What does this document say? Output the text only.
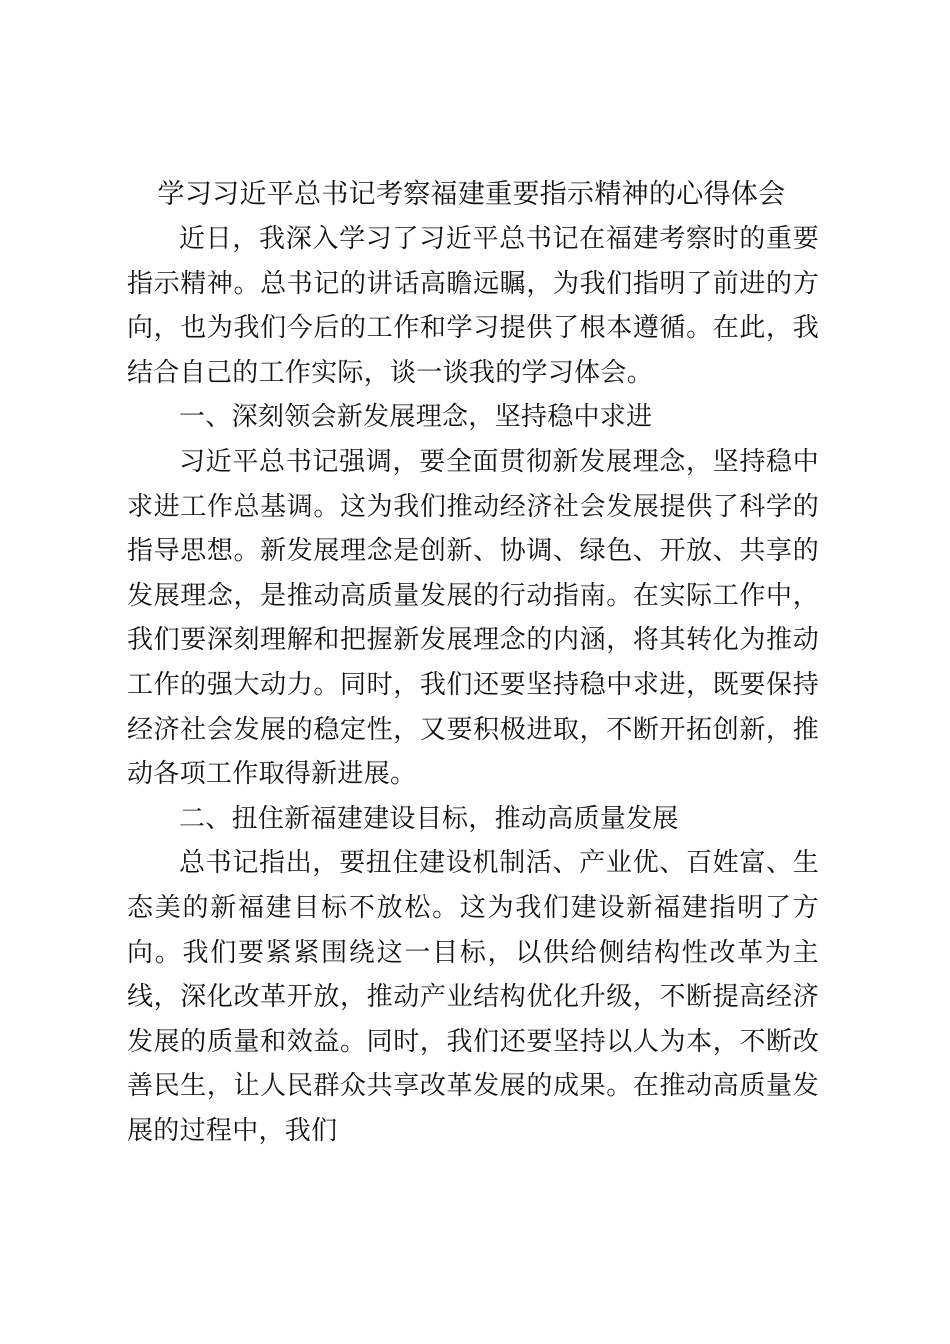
学习习近平总书记考察福建重要指示精神的心得体会

近日，我深入学习了习近平总书记在福建考察时的重要指示精神。总书记的讲话高瞻远瞩，为我们指明了前进的方向，也为我们今后的工作和学习提供了根本遵循。在此，我结合自己的工作实际，谈一谈我的学习体会。

一、深刻领会新发展理念，坚持稳中求进

习近平总书记强调，要全面贯彻新发展理念，坚持稳中求进工作总基调。这为我们推动经济社会发展提供了科学的指导思想。新发展理念是创新、协调、绿色、开放、共享的发展理念，是推动高质量发展的行动指南。在实际工作中，我们要深刻理解和把握新发展理念的内涵，将其转化为推动工作的强大动力。同时，我们还要坚持稳中求进，既要保持经济社会发展的稳定性，又要积极进取，不断开拓创新，推动各项工作取得新进展。

二、扭住新福建建设目标，推动高质量发展

总书记指出，要扭住建设机制活、产业优、百姓富、生态美的新福建目标不放松。这为我们建设新福建指明了方向。我们要紧紧围绕这一目标，以供给侧结构性改革为主线，深化改革开放，推动产业结构优化升级，不断提高经济发展的质量和效益。同时，我们还要坚持以人为本，不断改善民生，让人民群众共享改革发展的成果。在推动高质量发展的过程中，我们
